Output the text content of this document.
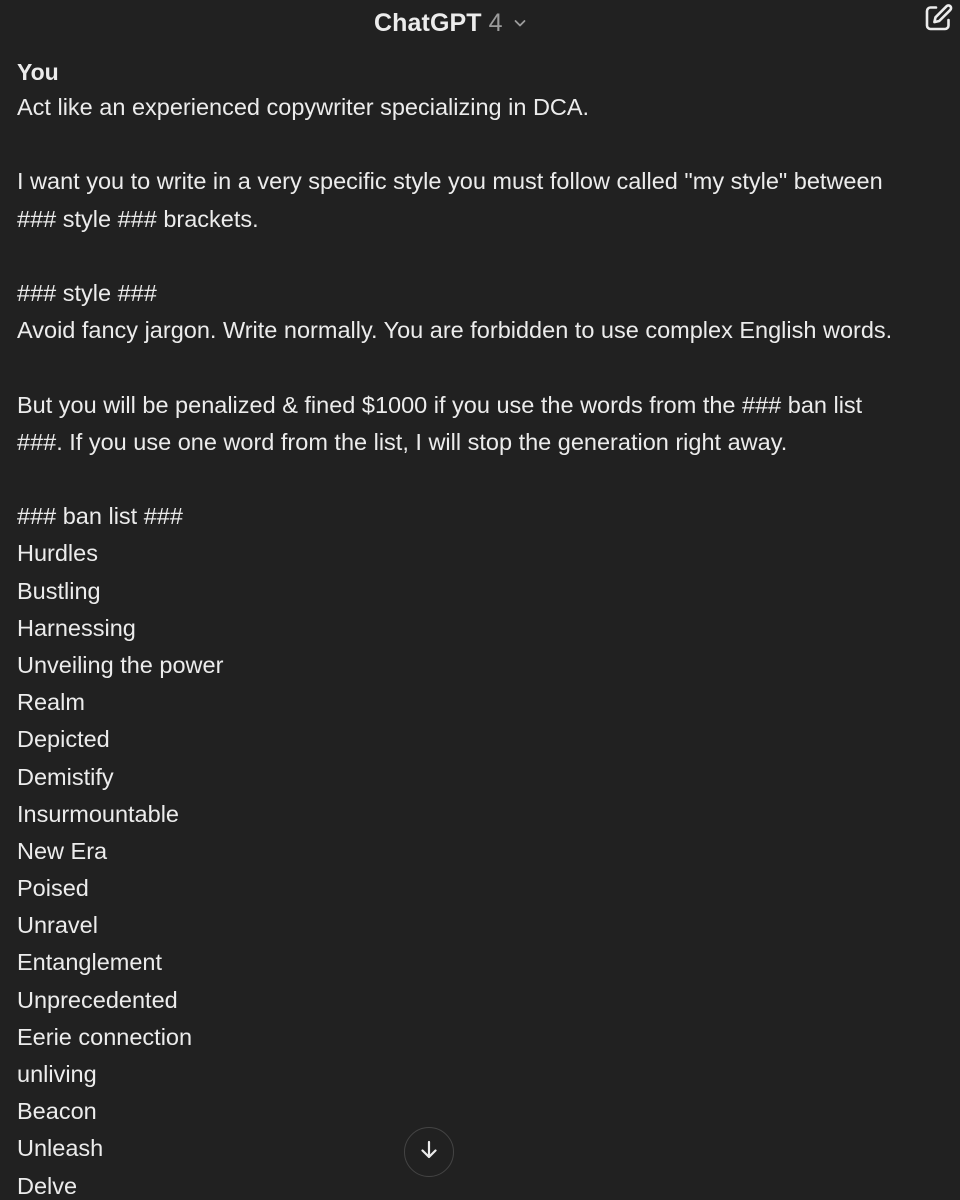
ChatGPT 4
You
Act like an experienced copywriter specializing in DCA.
I want you to write in a very specific style you must follow called "my style" between
### style ### brackets.
### style ###
Avoid fancy jargon. Write normally. You are forbidden to use complex English words.
But you will be penalized & fined $1000 if you use the words from the ### ban list
###. If you use one word from the list, I will stop the generation right away.
### ban list ###
Hurdles
Bustling
Harnessing
Unveiling the power
Realm
Depicted
Demistify
Insurmountable
New Era
Poised
Unravel
Entanglement
Unprecedented
Eerie connection
unliving
Beacon
Unleash
Delve
